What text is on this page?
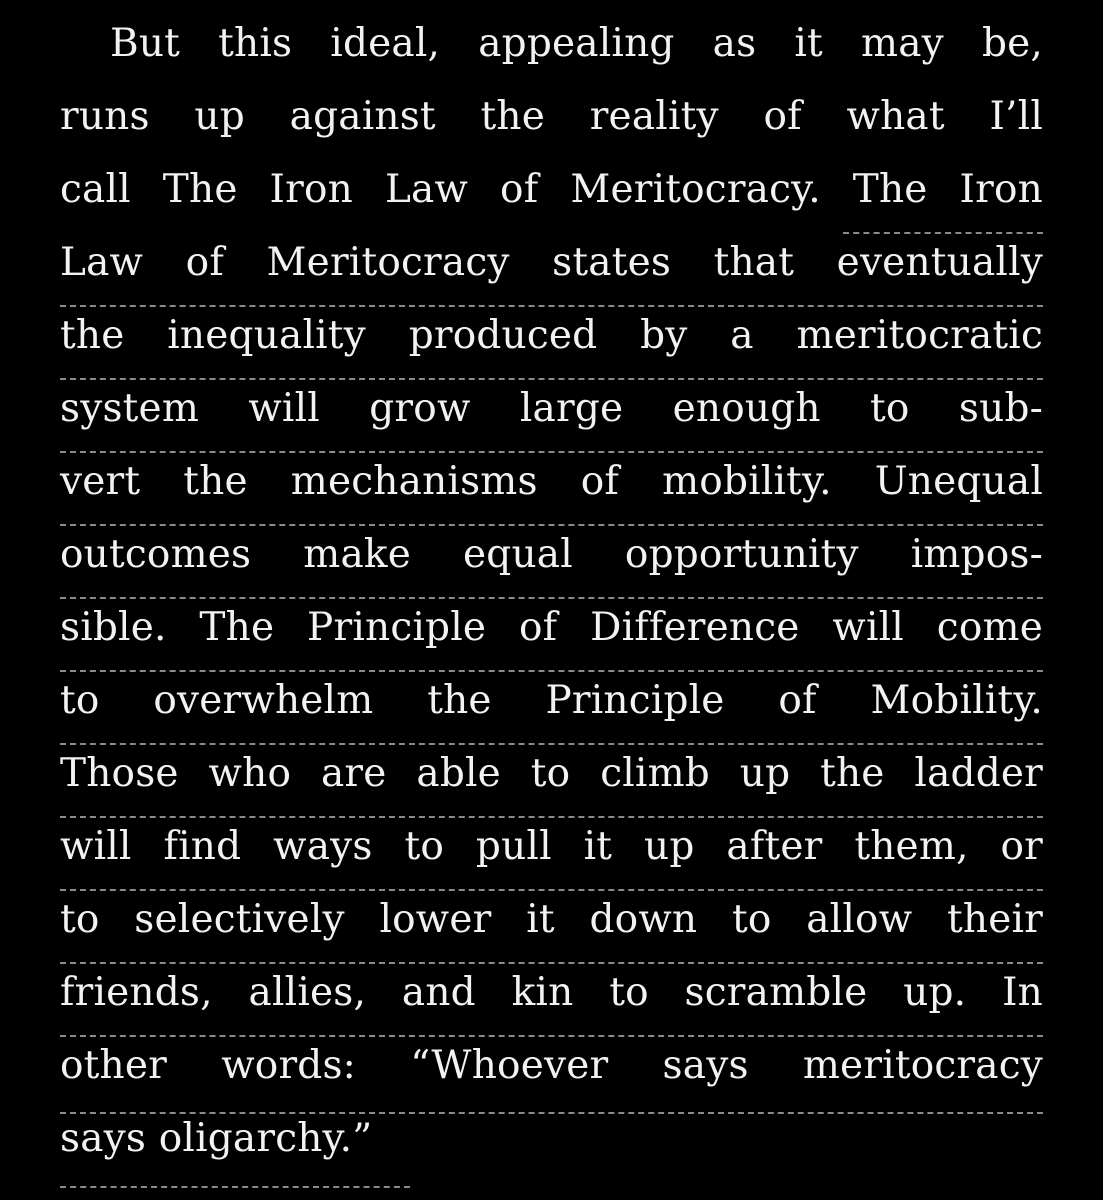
But this ideal, appealing as it may be,
runs up against the reality of what I’ll
call The Iron Law of Meritocracy. The Iron
Law of Meritocracy states that eventually
the inequality produced by a meritocratic
system will grow large enough to sub-
vert the mechanisms of mobility. Unequal
outcomes make equal opportunity impos-
sible. The Principle of Difference will come
to overwhelm the Principle of Mobility.
Those who are able to climb up the ladder
will find ways to pull it up after them, or
to selectively lower it down to allow their
friends, allies, and kin to scramble up. In
other words: “Whoever says meritocracy
says oligarchy.”
